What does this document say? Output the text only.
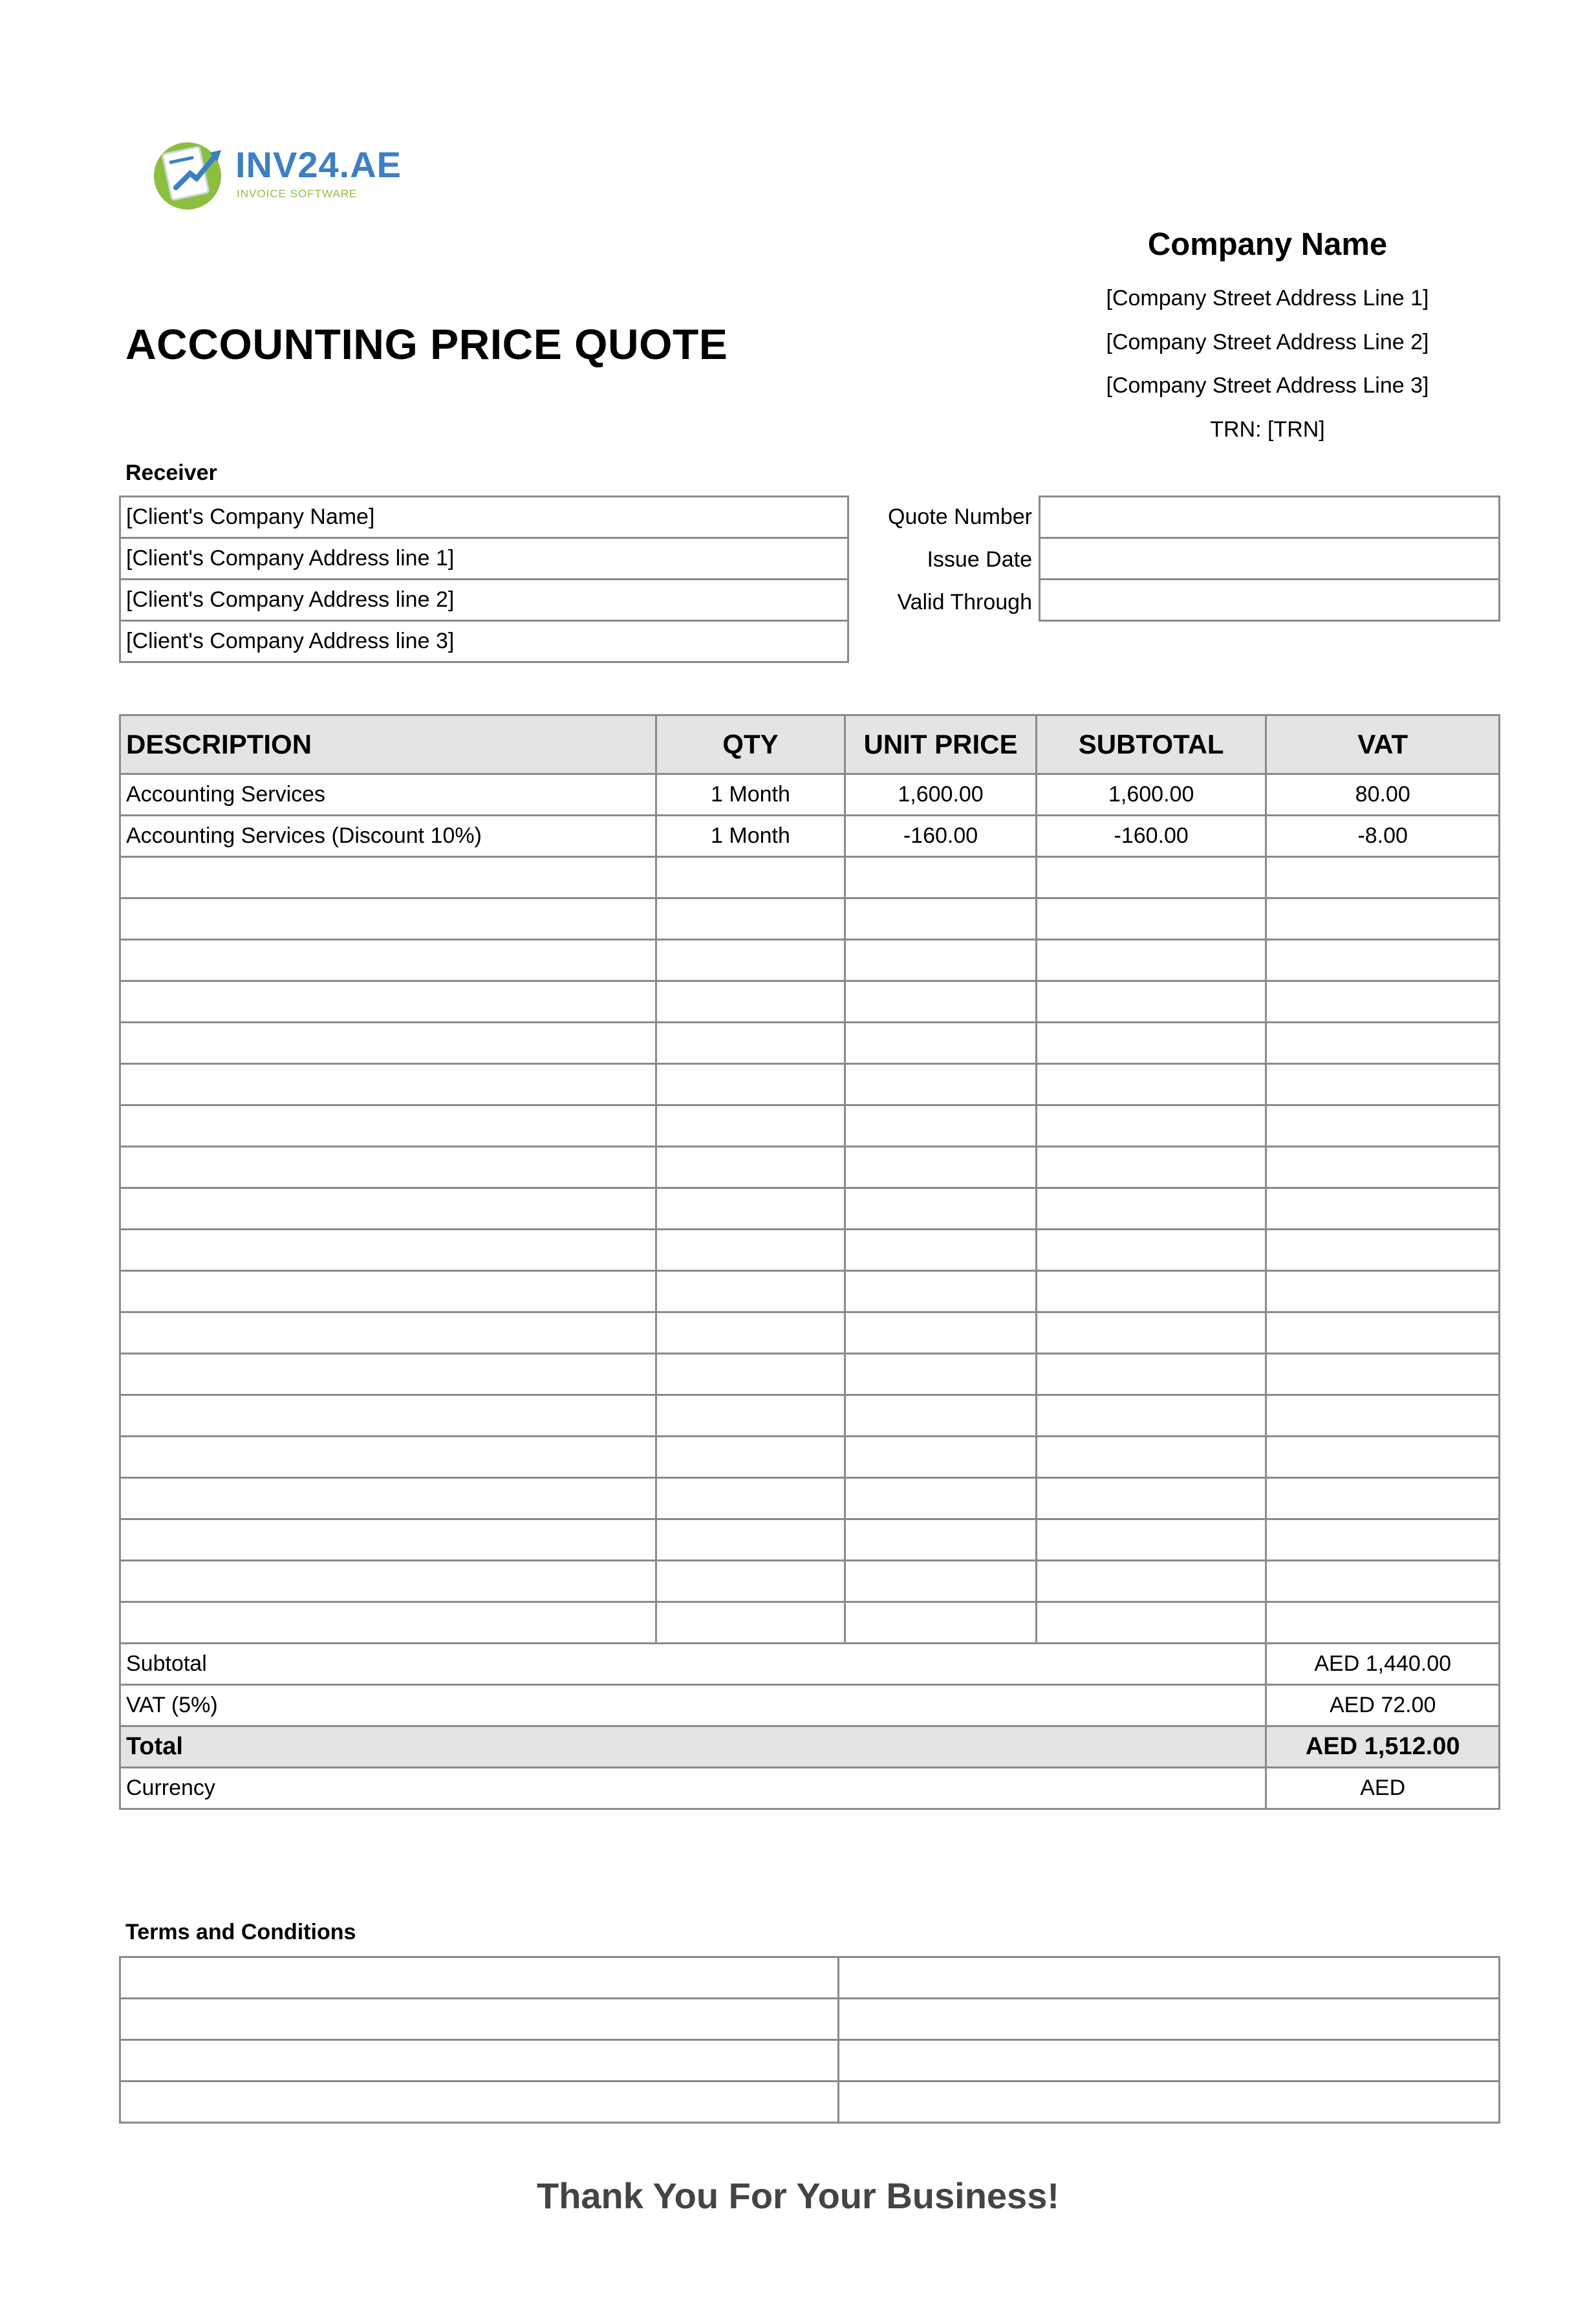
INV24.AE
INVOICE SOFTWARE
Company Name
[Company Street Address Line 1]
[Company Street Address Line 2]
[Company Street Address Line 3]
TRN: [TRN]
ACCOUNTING PRICE QUOTE
Receiver
[Client's Company Name]
[Client's Company Address line 1]
[Client's Company Address line 2]
[Client's Company Address line 3]
Quote Number
Issue Date
Valid Through

DESCRIPTION	QTY	UNIT PRICE	SUBTOTAL	VAT
Accounting Services	1 Month	1,600.00	1,600.00	80.00
Accounting Services (Discount 10%)	1 Month	-160.00	-160.00	-8.00

Subtotal				AED 1,440.00
VAT (5%)				AED 72.00
Total				AED 1,512.00
Currency				AED
Terms and Conditions

Thank You For Your Business!
